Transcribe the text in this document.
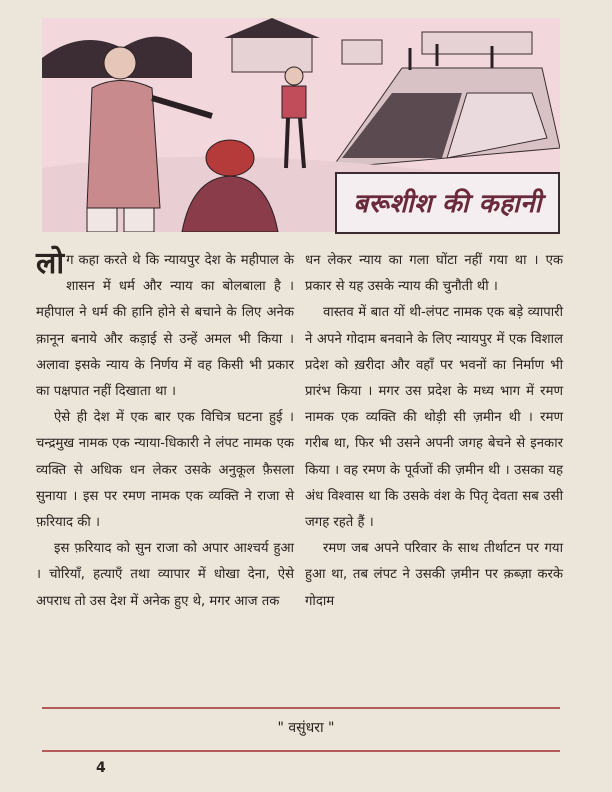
बरूशीश की कहानी

लोग कहा करते थे कि न्यायपुर देश के महीपाल के शासन में धर्म और न्याय का बोलबाला है । महीपाल ने धर्म की हानि होने से बचाने के लिए अनेक क़ानून बनाये और कड़ाई से उन्हें अमल भी किया । अलावा इसके न्याय के निर्णय में वह किसी भी प्रकार का पक्षपात नहीं दिखाता था ।

ऐसे ही देश में एक बार एक विचित्र घटना हुई । चन्द्रमुख नामक एक न्याया-धिकारी ने लंपट नामक एक व्यक्ति से अधिक धन लेकर उसके अनुकूल फ़ैसला सुनाया । इस पर रमण नामक एक व्यक्ति ने राजा से फ़रियाद की ।

इस फ़रियाद को सुन राजा को अपार आश्चर्य हुआ । चोरियाँ, हत्याएँ तथा व्यापार में धोखा देना, ऐसे अपराध तो उस देश में अनेक हुए थे, मगर आज तक

धन लेकर न्याय का गला घोंटा नहीं गया था । एक प्रकार से यह उसके न्याय की चुनौती थी ।

वास्तव में बात यों थी-लंपट नामक एक बड़े व्यापारी ने अपने गोदाम बनवाने के लिए न्यायपुर में एक विशाल प्रदेश को ख़रीदा और वहाँ पर भवनों का निर्माण भी प्रारंभ किया । मगर उस प्रदेश के मध्य भाग में रमण नामक एक व्यक्ति की थोड़ी सी ज़मीन थी । रमण गरीब था, फिर भी उसने अपनी जगह बेचने से इनकार किया । वह रमण के पूर्वजों की ज़मीन थी । उसका यह अंध विश्वास था कि उसके वंश के पितृ देवता सब उसी जगह रहते हैं ।

रमण जब अपने परिवार के साथ तीर्थाटन पर गया हुआ था, तब लंपट ने उसकी ज़मीन पर क़ब्ज़ा करके गोदाम

" वसुंधरा "
4
